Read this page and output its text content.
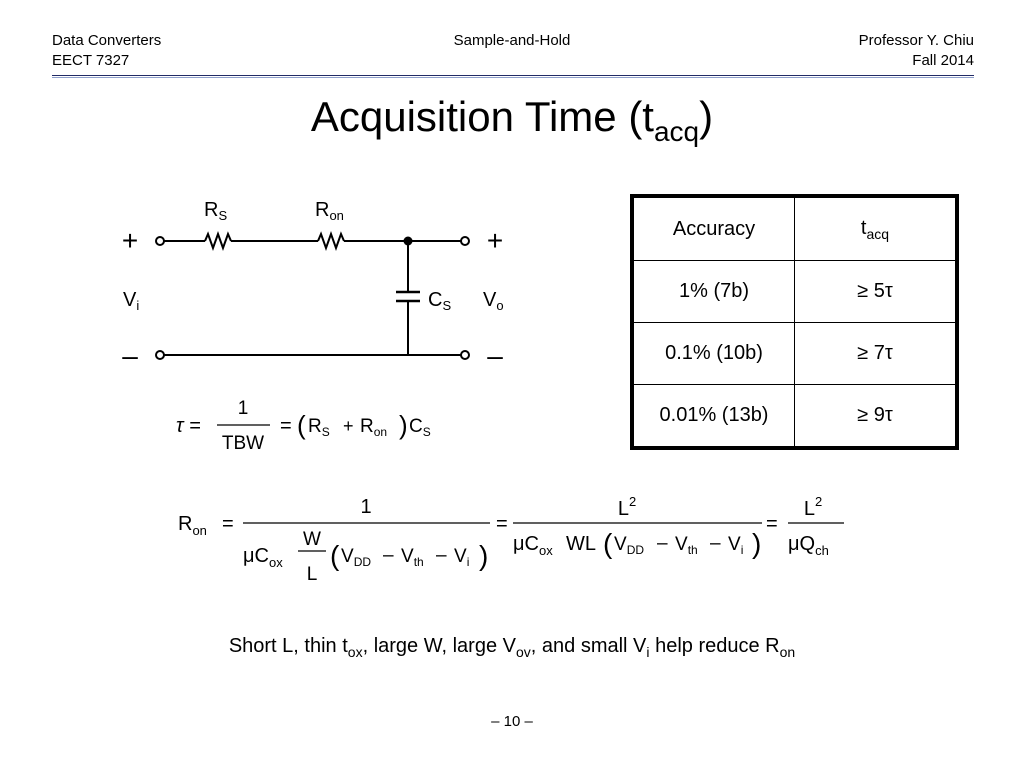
Data Converters
EECT 7327
Sample-and-Hold	Professor Y. Chiu
Fall 2014
Acquisition Time $(t_{acq})$
+
–
+
–
$R_S$	$R_{on}$
$C_S$
$V_i$	$V_o$
τ =
1
TBW
= ( $R_S + R_{on}$ ) $C_S$
Accuracy	$t_{acq}$
1% (7b)	≥ 5τ
0.1% (10b)	≥ 7τ
0.01% (13b)	≥ 9τ
$R_{on}$ =
1
$\mu C_{ox}$
W
L
( $V_{DD} - V_{th} - V_i$ )
=
$L^2$
$\mu C_{ox}$ WL ( $V_{DD} - V_{th} - V_i$ )
=
$L^2$
$\mu Q_{ch}$
Short L, thin $t_{ox}$, large W, large $V_{ov}$, and small $V_i$ help reduce $R_{on}$
– 10 –
